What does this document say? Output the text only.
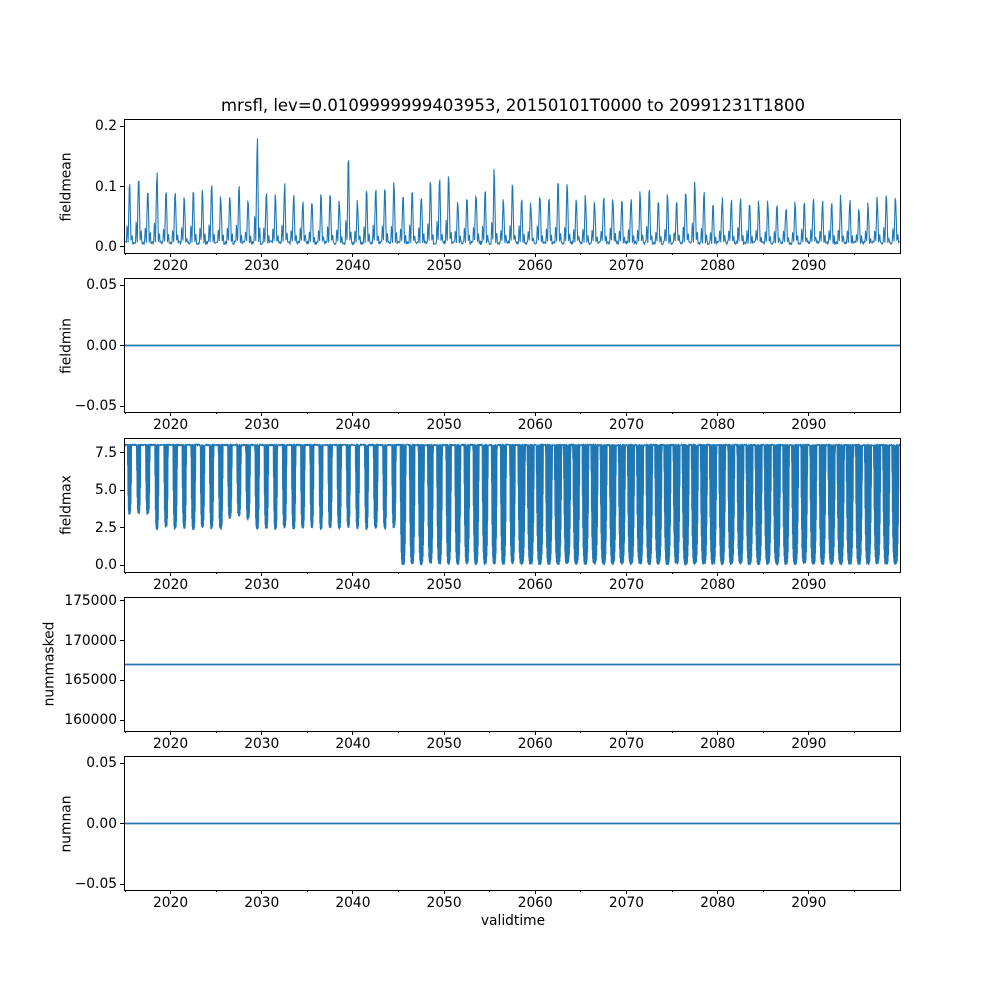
mrsfl, lev=0.0109999999403953, 20150101T0000 to 20991231T1800
validtime
2020	2030	2040	2050	2060	2070	2080	2090
0.0
0.1
0.2
fieldmean
2020	2030	2040	2050	2060	2070	2080	2090
−0.05
0.00
0.05
fieldmin
2020	2030	2040	2050	2060	2070	2080	2090
0.0
2.5
5.0
7.5
fieldmax
2020	2030	2040	2050	2060	2070	2080	2090
160000
165000
170000
175000
nummasked
2020	2030	2040	2050	2060	2070	2080	2090
−0.05
0.00
0.05
numnan
